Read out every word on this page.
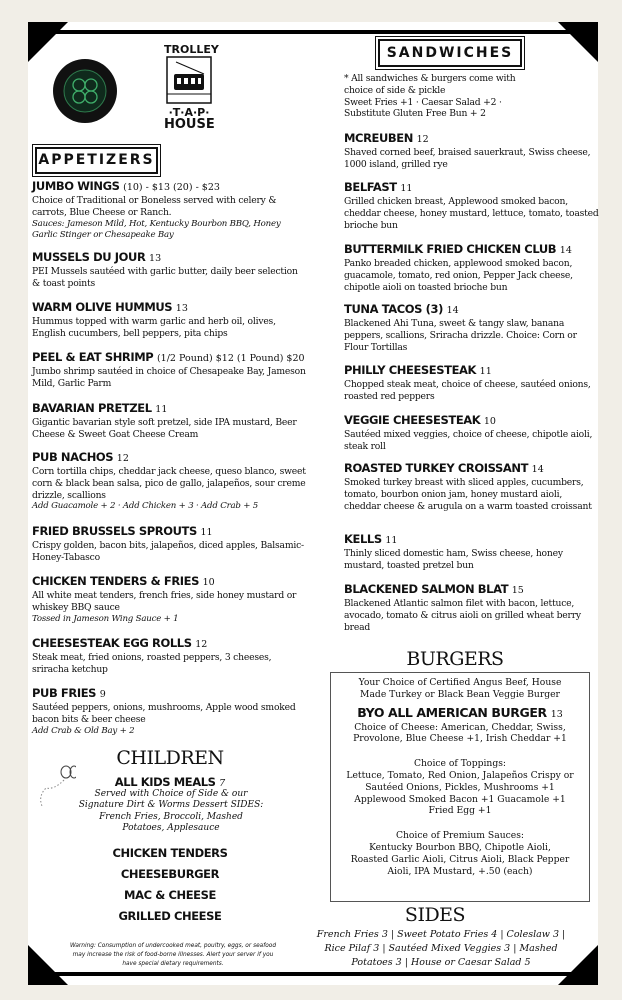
TROLLEY
·T·A·P·
HOUSE
APPETIZERS
JUMBO WINGS (10) - $13 (20) - $23
Choice of Traditional or Boneless served with celery & carrots, Blue Cheese or Ranch.
Sauces: Jameson Mild, Hot, Kentucky Bourbon BBQ, Honey Garlic Stinger or Chesapeake Bay
MUSSELS DU JOUR 13
PEI Mussels sautéed with garlic butter, daily beer selection & toast points
WARM OLIVE HUMMUS 13
Hummus topped with warm garlic and herb oil, olives, English cucumbers, bell peppers, pita chips
PEEL & EAT SHRIMP (1/2 Pound) $12 (1 Pound) $20
Jumbo shrimp sautéed in choice of Chesapeake Bay, Jameson Mild, Garlic Parm
BAVARIAN PRETZEL 11
Gigantic bavarian style soft pretzel, side IPA mustard, Beer Cheese & Sweet Goat Cheese Cream
PUB NACHOS 12
Corn tortilla chips, cheddar jack cheese, queso blanco, sweet corn & black bean salsa, pico de gallo, jalapeños, sour creme drizzle, scallions
Add Guacamole + 2 · Add Chicken + 3 · Add Crab + 5
FRIED BRUSSELS SPROUTS 11
Crispy golden, bacon bits, jalapeños, diced apples, Balsamic-Honey-Tabasco
CHICKEN TENDERS & FRIES 10
All white meat tenders, french fries, side honey mustard or whiskey BBQ sauce
Tossed in Jameson Wing Sauce + 1
CHEESESTEAK EGG ROLLS 12
Steak meat, fried onions, roasted peppers, 3 cheeses, sriracha ketchup
PUB FRIES 9
Sautéed peppers, onions, mushrooms, Apple wood smoked bacon bits & beer cheese
Add Crab & Old Bay + 2
CHILDREN
ALL KIDS MEALS 7
Served with Choice of Side & our Signature Dirt & Worms Dessert SIDES: French Fries, Broccoli, Mashed Potatoes, Applesauce
CHICKEN TENDERS
CHEESEBURGER
MAC & CHEESE
GRILLED CHEESE
Warning: Consumption of undercooked meat, poultry, eggs, or seafood may increase the risk of food-borne illnesses. Alert your server if you have special dietary requirements.
SANDWICHES
* All sandwiches & burgers come with choice of side & pickle
Sweet Fries +1 · Caesar Salad +2 · Substitute Gluten Free Bun + 2
MCREUBEN 12
Shaved corned beef, braised sauerkraut, Swiss cheese, 1000 island, grilled rye
BELFAST 11
Grilled chicken breast, Applewood smoked bacon, cheddar cheese, honey mustard, lettuce, tomato, toasted brioche bun
BUTTERMILK FRIED CHICKEN CLUB 14
Panko breaded chicken, applewood smoked bacon, guacamole, tomato, red onion, Pepper Jack cheese, chipotle aioli on toasted brioche bun
TUNA TACOS (3) 14
Blackened Ahi Tuna, sweet & tangy slaw, banana peppers, scallions, Sriracha drizzle. Choice: Corn or Flour Tortillas
PHILLY CHEESESTEAK 11
Chopped steak meat, choice of cheese, sautéed onions, roasted red peppers
VEGGIE CHEESESTEAK 10
Sautéed mixed veggies, choice of cheese, chipotle aioli, steak roll
ROASTED TURKEY CROISSANT 14
Smoked turkey breast with sliced apples, cucumbers, tomato, bourbon onion jam, honey mustard aioli, cheddar cheese & arugula on a warm toasted croissant
KELLS 11
Thinly sliced domestic ham, Swiss cheese, honey mustard, toasted pretzel bun
BLACKENED SALMON BLAT 15
Blackened Atlantic salmon filet with bacon, lettuce, avocado, tomato & citrus aioli on grilled wheat berry bread
BURGERS
Your Choice of Certified Angus Beef, House Made Turkey or Black Bean Veggie Burger
BYO ALL AMERICAN BURGER 13
Choice of Cheese: American, Cheddar, Swiss, Provolone, Blue Cheese +1, Irish Cheddar +1
Choice of Toppings:
Lettuce, Tomato, Red Onion, Jalapeños Crispy or Sautéed Onions, Pickles, Mushrooms +1 Applewood Smoked Bacon +1 Guacamole +1 Fried Egg +1
Choice of Premium Sauces:
Kentucky Bourbon BBQ, Chipotle Aioli, Roasted Garlic Aioli, Citrus Aioli, Black Pepper Aioli, IPA Mustard, +.50 (each)
SIDES
French Fries 3 | Sweet Potato Fries 4 | Coleslaw 3 | Rice Pilaf 3 | Sautéed Mixed Veggies 3 | Mashed Potatoes 3 | House or Caesar Salad 5
